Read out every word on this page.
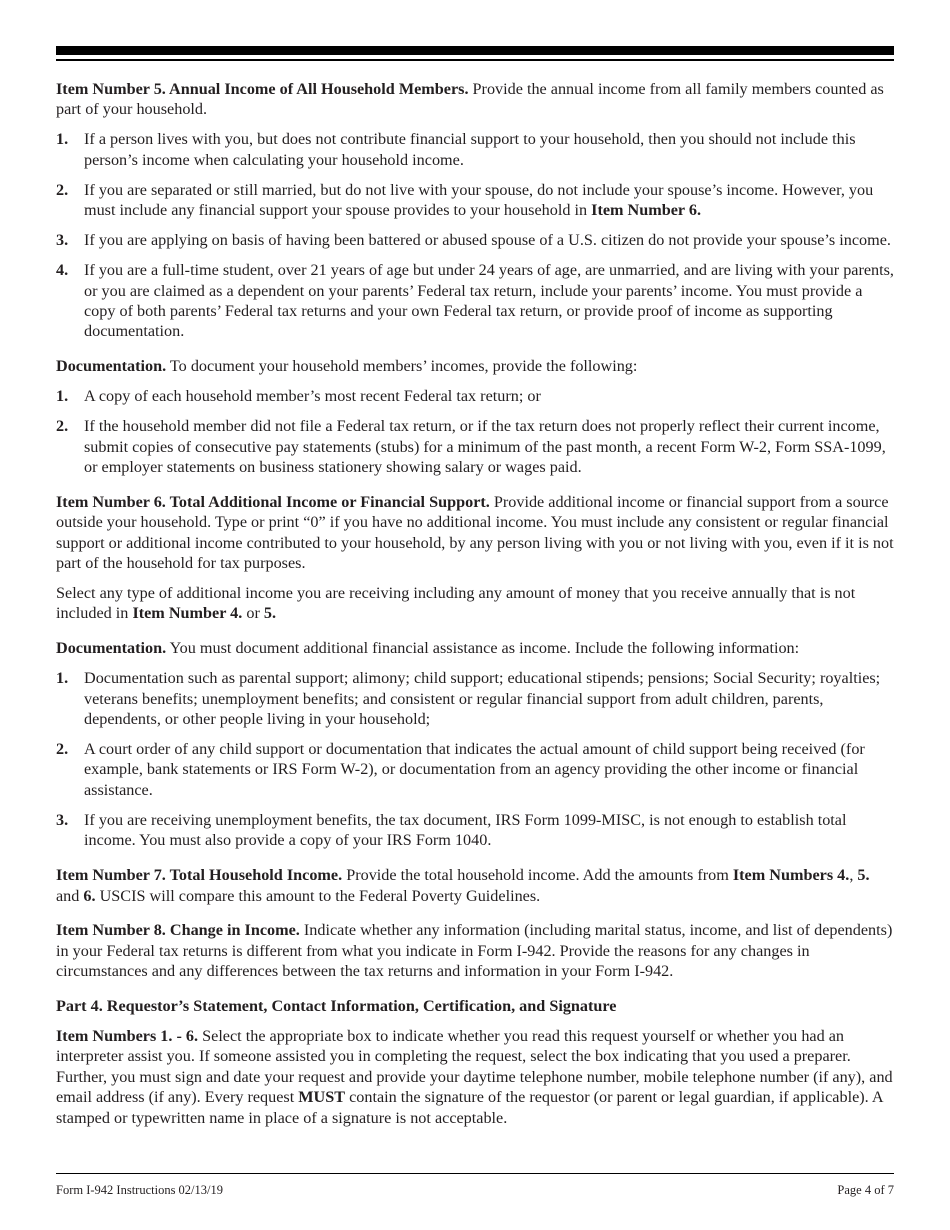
Item Number 5. Annual Income of All Household Members. Provide the annual income from all family members counted as part of your household.

1. If a person lives with you, but does not contribute financial support to your household, then you should not include this person’s income when calculating your household income.
2. If you are separated or still married, but do not live with your spouse, do not include your spouse’s income. However, you must include any financial support your spouse provides to your household in Item Number 6.
3. If you are applying on basis of having been battered or abused spouse of a U.S. citizen do not provide your spouse’s income.
4. If you are a full-time student, over 21 years of age but under 24 years of age, are unmarried, and are living with your parents, or you are claimed as a dependent on your parents’ Federal tax return, include your parents’ income. You must provide a copy of both parents’ Federal tax returns and your own Federal tax return, or provide proof of income as supporting documentation.

Documentation. To document your household members’ incomes, provide the following:

1. A copy of each household member’s most recent Federal tax return; or
2. If the household member did not file a Federal tax return, or if the tax return does not properly reflect their current income, submit copies of consecutive pay statements (stubs) for a minimum of the past month, a recent Form W-2, Form SSA-1099, or employer statements on business stationery showing salary or wages paid.

Item Number 6. Total Additional Income or Financial Support. Provide additional income or financial support from a source outside your household. Type or print “0” if you have no additional income. You must include any consistent or regular financial support or additional income contributed to your household, by any person living with you or not living with you, even if it is not part of the household for tax purposes.

Select any type of additional income you are receiving including any amount of money that you receive annually that is not included in Item Number 4. or 5.

Documentation. You must document additional financial assistance as income. Include the following information:

1. Documentation such as parental support; alimony; child support; educational stipends; pensions; Social Security; royalties; veterans benefits; unemployment benefits; and consistent or regular financial support from adult children, parents, dependents, or other people living in your household;
2. A court order of any child support or documentation that indicates the actual amount of child support being received (for example, bank statements or IRS Form W-2), or documentation from an agency providing the other income or financial assistance.
3. If you are receiving unemployment benefits, the tax document, IRS Form 1099-MISC, is not enough to establish total income. You must also provide a copy of your IRS Form 1040.

Item Number 7. Total Household Income. Provide the total household income. Add the amounts from Item Numbers 4., 5. and 6. USCIS will compare this amount to the Federal Poverty Guidelines.

Item Number 8. Change in Income. Indicate whether any information (including marital status, income, and list of dependents) in your Federal tax returns is different from what you indicate in Form I-942. Provide the reasons for any changes in circumstances and any differences between the tax returns and information in your Form I-942.

Part 4. Requestor’s Statement, Contact Information, Certification, and Signature

Item Numbers 1. - 6. Select the appropriate box to indicate whether you read this request yourself or whether you had an interpreter assist you. If someone assisted you in completing the request, select the box indicating that you used a preparer. Further, you must sign and date your request and provide your daytime telephone number, mobile telephone number (if any), and email address (if any). Every request MUST contain the signature of the requestor (or parent or legal guardian, if applicable). A stamped or typewritten name in place of a signature is not acceptable.

Form I-942 Instructions 02/13/19	Page 4 of 7
